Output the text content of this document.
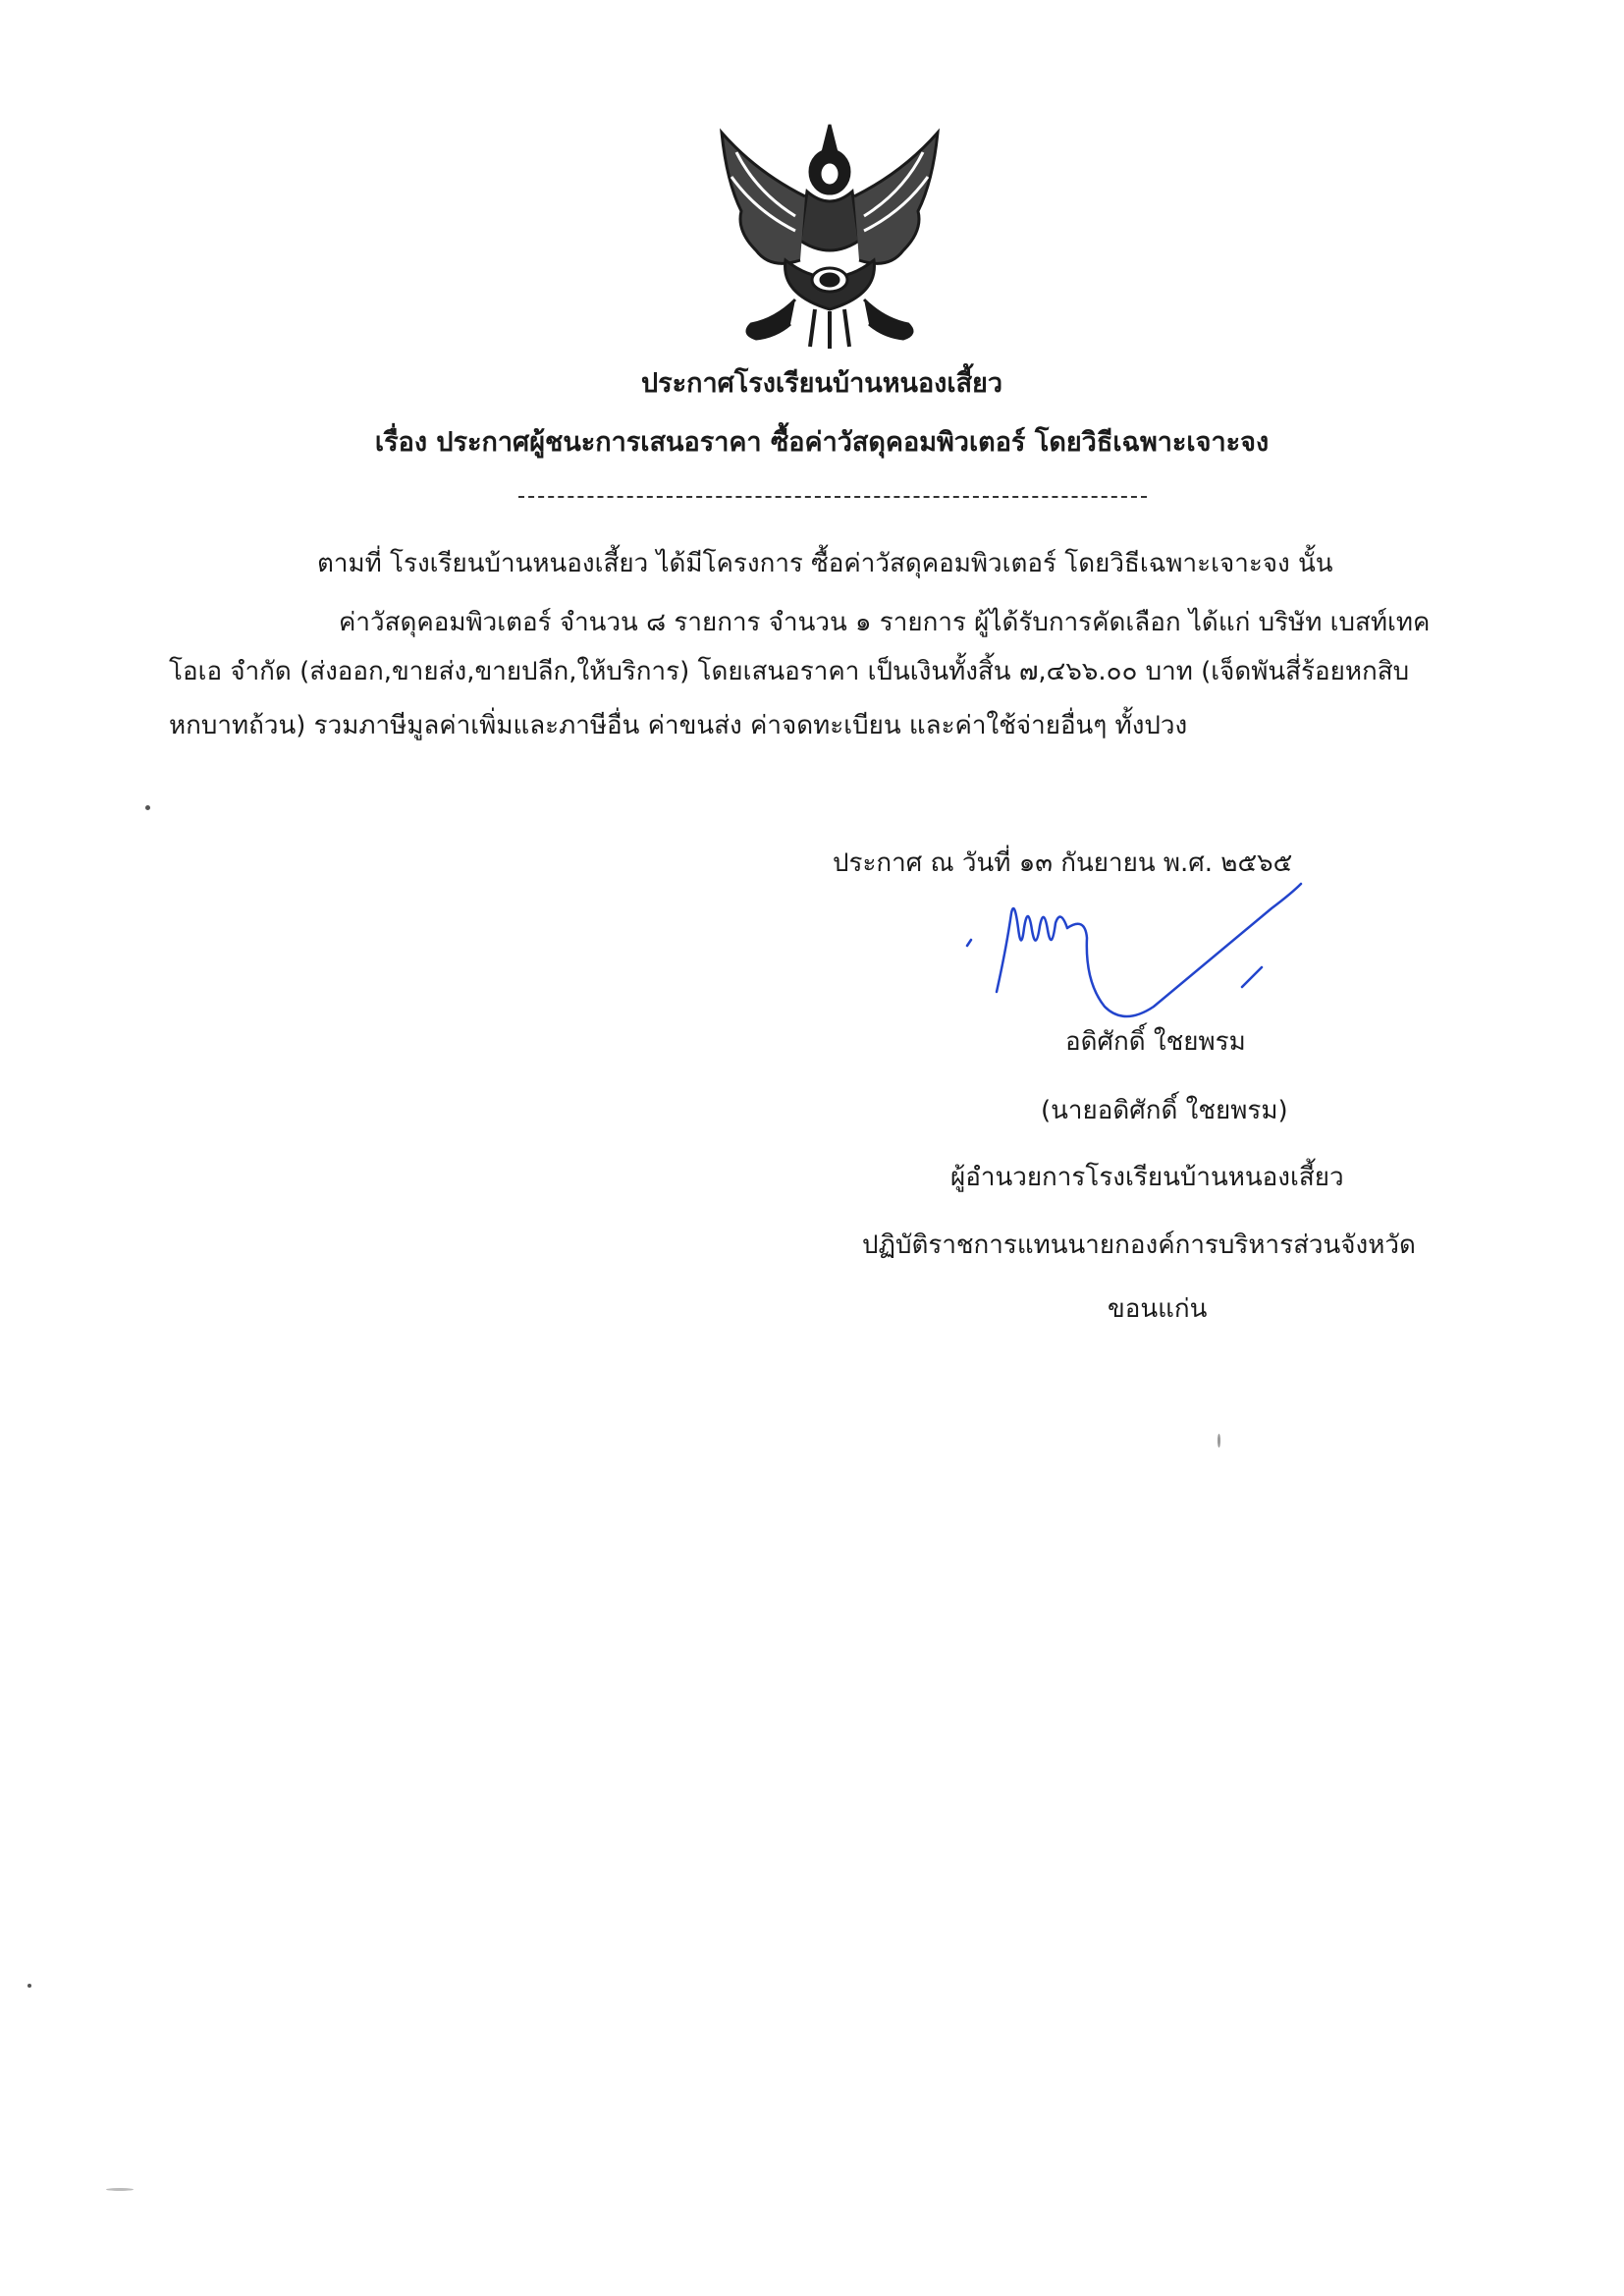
ประกาศโรงเรียนบ้านหนองเสี้ยว
เรื่อง ประกาศผู้ชนะการเสนอราคา ซื้อค่าวัสดุคอมพิวเตอร์ โดยวิธีเฉพาะเจาะจง
ตามที่ โรงเรียนบ้านหนองเสี้ยว ได้มีโครงการ ซื้อค่าวัสดุคอมพิวเตอร์ โดยวิธีเฉพาะเจาะจง นั้น
ค่าวัสดุคอมพิวเตอร์ จำนวน ๘ รายการ จำนวน ๑ รายการ ผู้ได้รับการคัดเลือก ได้แก่ บริษัท เบสท์เทค
โอเอ จำกัด (ส่งออก,ขายส่ง,ขายปลีก,ให้บริการ) โดยเสนอราคา เป็นเงินทั้งสิ้น ๗,๔๖๖.๐๐ บาท (เจ็ดพันสี่ร้อยหกสิบ
หกบาทถ้วน) รวมภาษีมูลค่าเพิ่มและภาษีอื่น ค่าขนส่ง ค่าจดทะเบียน และค่าใช้จ่ายอื่นๆ ทั้งปวง
ประกาศ ณ วันที่ ๑๓ กันยายน พ.ศ. ๒๕๖๕
อดิศักดิ์ ใชยพรม
(นายอดิศักดิ์ ใชยพรม)
ผู้อำนวยการโรงเรียนบ้านหนองเสี้ยว
ปฏิบัติราชการแทนนายกองค์การบริหารส่วนจังหวัด
ขอนแก่น
